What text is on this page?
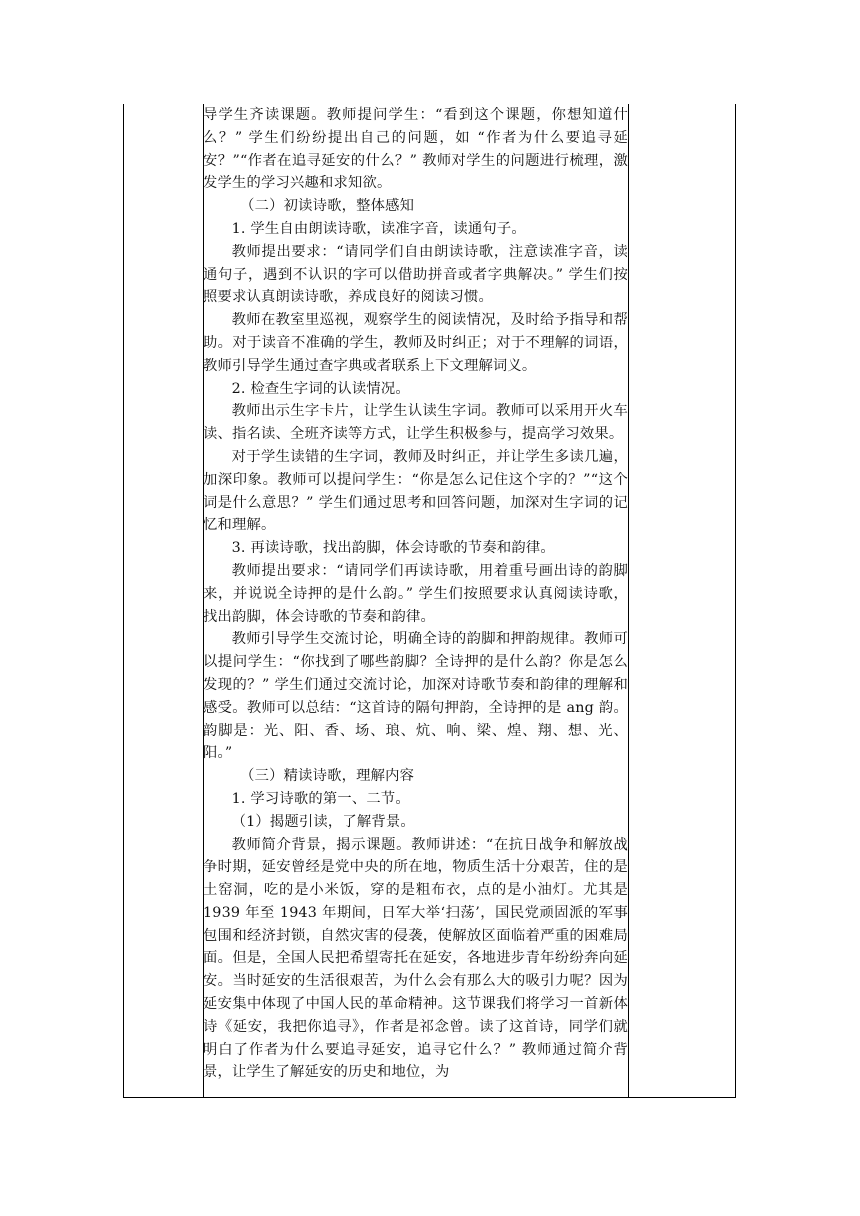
导学生齐读课题。教师提问学生：“看到这个课题，你想知道什么？” 学生们纷纷提出自己的问题，如 “作者为什么要追寻延安？”“作者在追寻延安的什么？” 教师对学生的问题进行梳理，激发学生的学习兴趣和求知欲。

（二）初读诗歌，整体感知

1. 学生自由朗读诗歌，读准字音，读通句子。

教师提出要求：“请同学们自由朗读诗歌，注意读准字音，读通句子，遇到不认识的字可以借助拼音或者字典解决。” 学生们按照要求认真朗读诗歌，养成良好的阅读习惯。

教师在教室里巡视，观察学生的阅读情况，及时给予指导和帮助。对于读音不准确的学生，教师及时纠正；对于不理解的词语，教师引导学生通过查字典或者联系上下文理解词义。

2. 检查生字词的认读情况。

教师出示生字卡片，让学生认读生字词。教师可以采用开火车读、指名读、全班齐读等方式，让学生积极参与，提高学习效果。

对于学生读错的生字词，教师及时纠正，并让学生多读几遍，加深印象。教师可以提问学生：“你是怎么记住这个字的？”“这个词是什么意思？” 学生们通过思考和回答问题，加深对生字词的记忆和理解。

3. 再读诗歌，找出韵脚，体会诗歌的节奏和韵律。

教师提出要求：“请同学们再读诗歌，用着重号画出诗的韵脚来，并说说全诗押的是什么韵。” 学生们按照要求认真阅读诗歌，找出韵脚，体会诗歌的节奏和韵律。

教师引导学生交流讨论，明确全诗的韵脚和押韵规律。教师可以提问学生：“你找到了哪些韵脚？全诗押的是什么韵？你是怎么发现的？” 学生们通过交流讨论，加深对诗歌节奏和韵律的理解和感受。教师可以总结：“这首诗的隔句押韵，全诗押的是 ang 韵。韵脚是：光、阳、香、场、琅、炕、响、梁、煌、翔、想、光、阳。”

（三）精读诗歌，理解内容

1. 学习诗歌的第一、二节。

（1）揭题引读，了解背景。

教师简介背景，揭示课题。教师讲述：“在抗日战争和解放战争时期，延安曾经是党中央的所在地，物质生活十分艰苦，住的是土窑洞，吃的是小米饭，穿的是粗布衣，点的是小油灯。尤其是 1939 年至 1943 年期间，日军大举‘扫荡’，国民党顽固派的军事包围和经济封锁，自然灾害的侵袭，使解放区面临着严重的困难局面。但是，全国人民把希望寄托在延安，各地进步青年纷纷奔向延安。当时延安的生活很艰苦，为什么会有那么大的吸引力呢？因为延安集中体现了中国人民的革命精神。这节课我们将学习一首新体诗《延安，我把你追寻》，作者是祁念曾。读了这首诗，同学们就明白了作者为什么要追寻延安，追寻它什么？” 教师通过简介背景，让学生了解延安的历史和地位，为
